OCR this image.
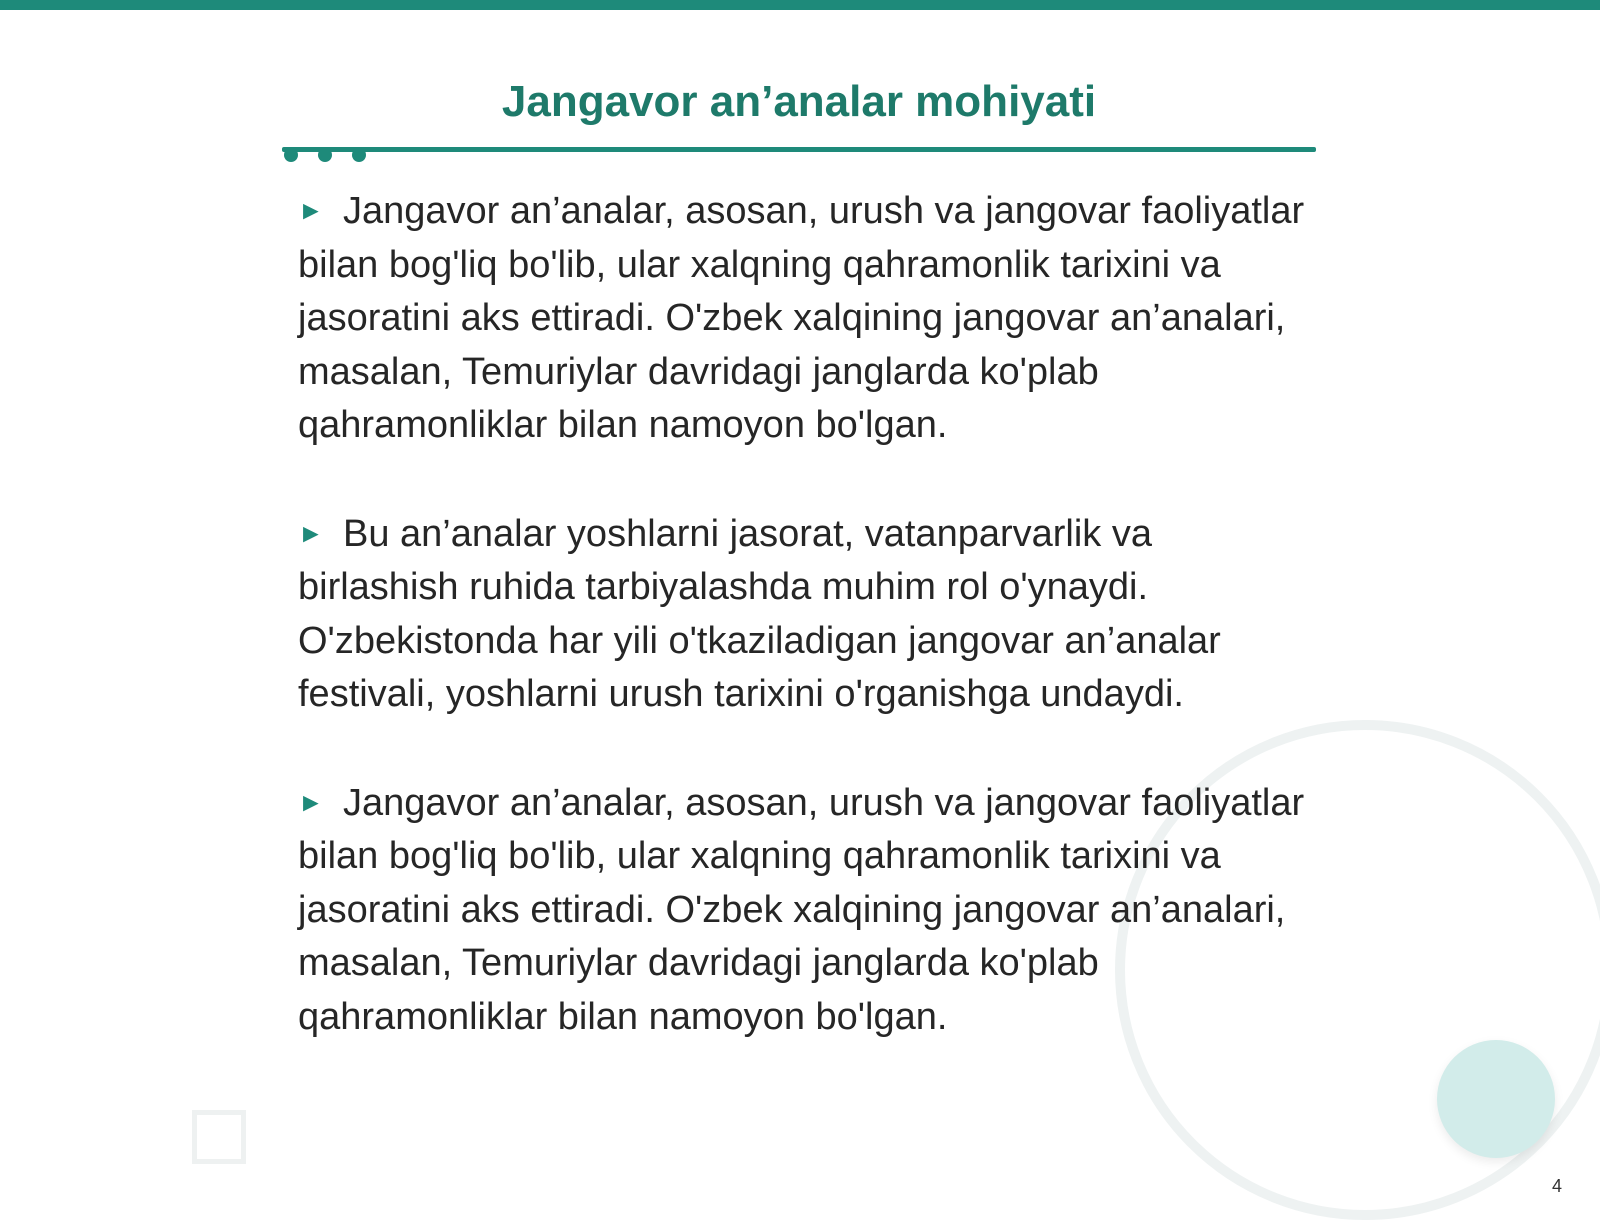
Jangavor an’analar mohiyati

► Jangavor an’analar, asosan, urush va jangovar faoliyatlar bilan bog'liq bo'lib, ular xalqning qahramonlik tarixini va jasoratini aks ettiradi. O'zbek xalqining jangovar an’analari, masalan, Temuriylar davridagi janglarda ko'plab qahramonliklar bilan namoyon bo'lgan.

► Bu an’analar yoshlarni jasorat, vatanparvarlik va birlashish ruhida tarbiyalashda muhim rol o'ynaydi. O'zbekistonda har yili o'tkaziladigan jangovar an’analar festivali, yoshlarni urush tarixini o'rganishga undaydi.

► Jangavor an’analar, asosan, urush va jangovar faoliyatlar bilan bog'liq bo'lib, ular xalqning qahramonlik tarixini va jasoratini aks ettiradi. O'zbek xalqining jangovar an’analari, masalan, Temuriylar davridagi janglarda ko'plab qahramonliklar bilan namoyon bo'lgan.

4
